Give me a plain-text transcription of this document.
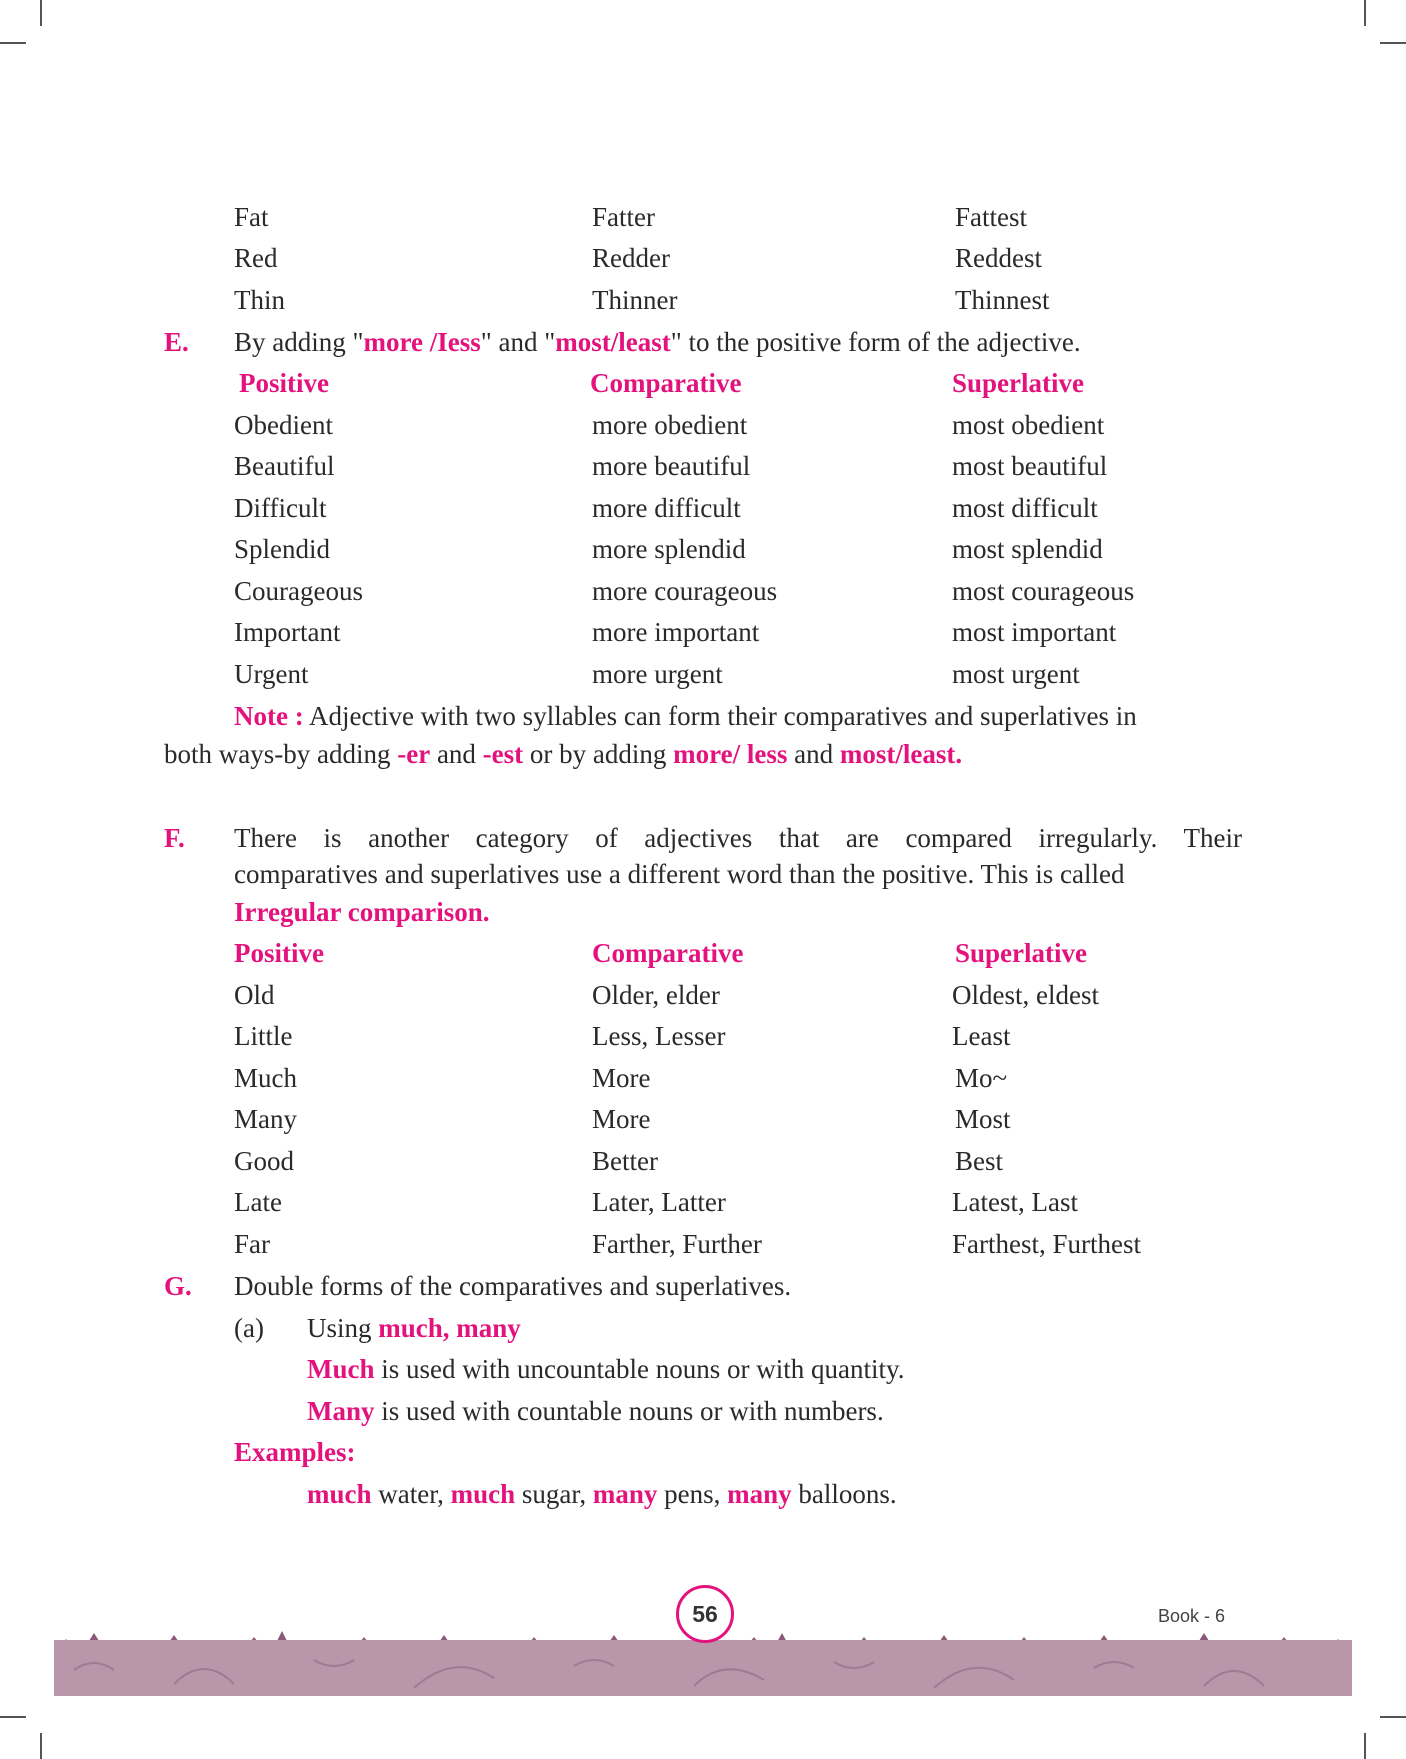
Fat	Fatter	Fattest
Red	Redder	Reddest
Thin	Thinner	Thinnest
E. By adding "more /Iess" and "most/least" to the positive form of the adjective.
Positive	Comparative	Superlative
Obedient	more obedient	most obedient
Beautiful	more beautiful	most beautiful
Difficult	more difficult	most difficult
Splendid	more splendid	most splendid
Courageous	more courageous	most courageous
Important	more important	most important
Urgent	more urgent	most urgent
Note : Adjective with two syllables can form their comparatives and superlatives in
both ways-by adding -er and -est or by adding more/ less and most/least.
F. There is another category of adjectives that are compared irregularly. Their
comparatives and superlatives use a different word than the positive. This is called
Irregular comparison.
Positive	Comparative	Superlative
Old	Older, elder	Oldest, eldest
Little	Less, Lesser	Least
Much	More	Mo~
Many	More	Most
Good	Better	Best
Late	Later, Latter	Latest, Last
Far	Farther, Further	Farthest, Furthest
G. Double forms of the comparatives and superlatives.
(a) Using much, many
Much is used with uncountable nouns or with quantity.
Many is used with countable nouns or with numbers.
Examples:
much water, much sugar, many pens, many balloons.
56	Book - 6
